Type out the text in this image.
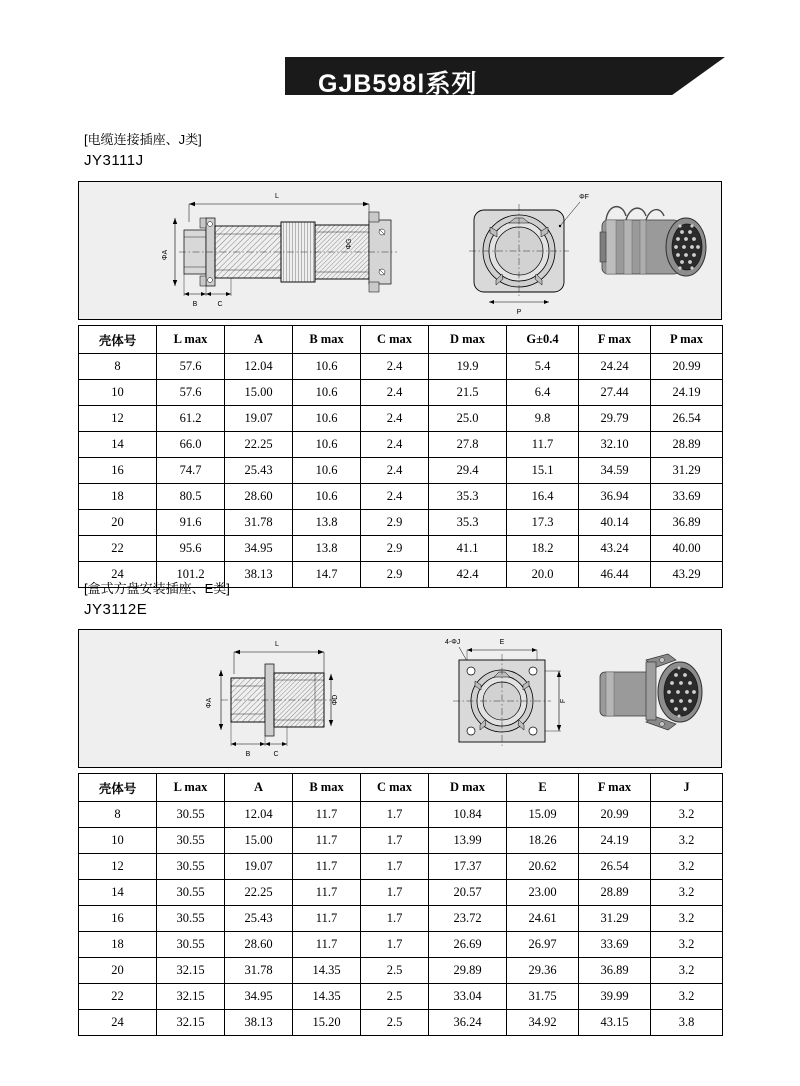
GJB598Ⅰ系列
[电缆连接插座、J类]
JY3111J
L
ΦA
ΦG
B	C
ΦF
P
壳体号	L max	A	B max	C max	D max	G±0.4	F max	P max
8	57.6	12.04	10.6	2.4	19.9	5.4	24.24	20.99
10	57.6	15.00	10.6	2.4	21.5	6.4	27.44	24.19
12	61.2	19.07	10.6	2.4	25.0	9.8	29.79	26.54
14	66.0	22.25	10.6	2.4	27.8	11.7	32.10	28.89
16	74.7	25.43	10.6	2.4	29.4	15.1	34.59	31.29
18	80.5	28.60	10.6	2.4	35.3	16.4	36.94	33.69
20	91.6	31.78	13.8	2.9	35.3	17.3	40.14	36.89
22	95.6	34.95	13.8	2.9	41.1	18.2	43.24	40.00
24	101.2	38.13	14.7	2.9	42.4	20.0	46.44	43.29
[盒式方盘安装插座、E类]
JY3112E
L
ΦA	ΦD
B	C
E
4-ΦJ
F
壳体号	L max	A	B max	C max	D max	E	F max	J
8	30.55	12.04	11.7	1.7	10.84	15.09	20.99	3.2
10	30.55	15.00	11.7	1.7	13.99	18.26	24.19	3.2
12	30.55	19.07	11.7	1.7	17.37	20.62	26.54	3.2
14	30.55	22.25	11.7	1.7	20.57	23.00	28.89	3.2
16	30.55	25.43	11.7	1.7	23.72	24.61	31.29	3.2
18	30.55	28.60	11.7	1.7	26.69	26.97	33.69	3.2
20	32.15	31.78	14.35	2.5	29.89	29.36	36.89	3.2
22	32.15	34.95	14.35	2.5	33.04	31.75	39.99	3.2
24	32.15	38.13	15.20	2.5	36.24	34.92	43.15	3.8
